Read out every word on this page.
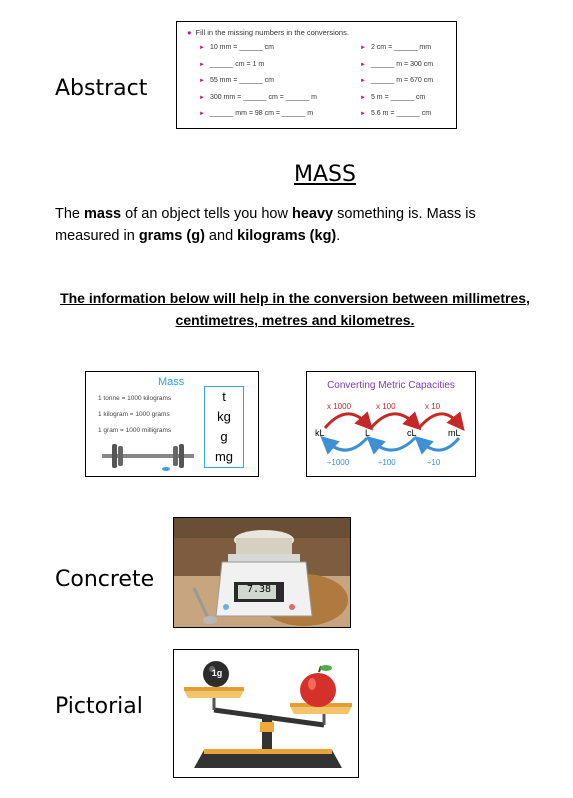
Abstract
Concrete
Pictorial
● Fill in the missing numbers in the conversions.
► 10 mm = ______ cm
► ______ cm = 1 m
► 55 mm = ______ cm
► 300 mm = ______ cm = ______ m
► ______ mm = 98 cm = ______ m
► 2 cm = ______ mm
► ______ m = 300 cm
► ______ m = 670 cm
► 5 m = ______ cm
► 5.6 m = ______ cm
MASS
The mass of an object tells you how heavy something is. Mass is measured in grams (g) and kilograms (kg).
The information below will help in the conversion between millimetres, centimetres, metres and kilometres.
Mass
1 tonne = 1000 kilograms
1 kilogram = 1000 grams
1 gram = 1000 milligrams
t
kg
g
mg
Converting Metric Capacities
x 1000	x 100	x 10
kL	L	cL	mL
÷1000	÷100	÷10
7.38
1g
